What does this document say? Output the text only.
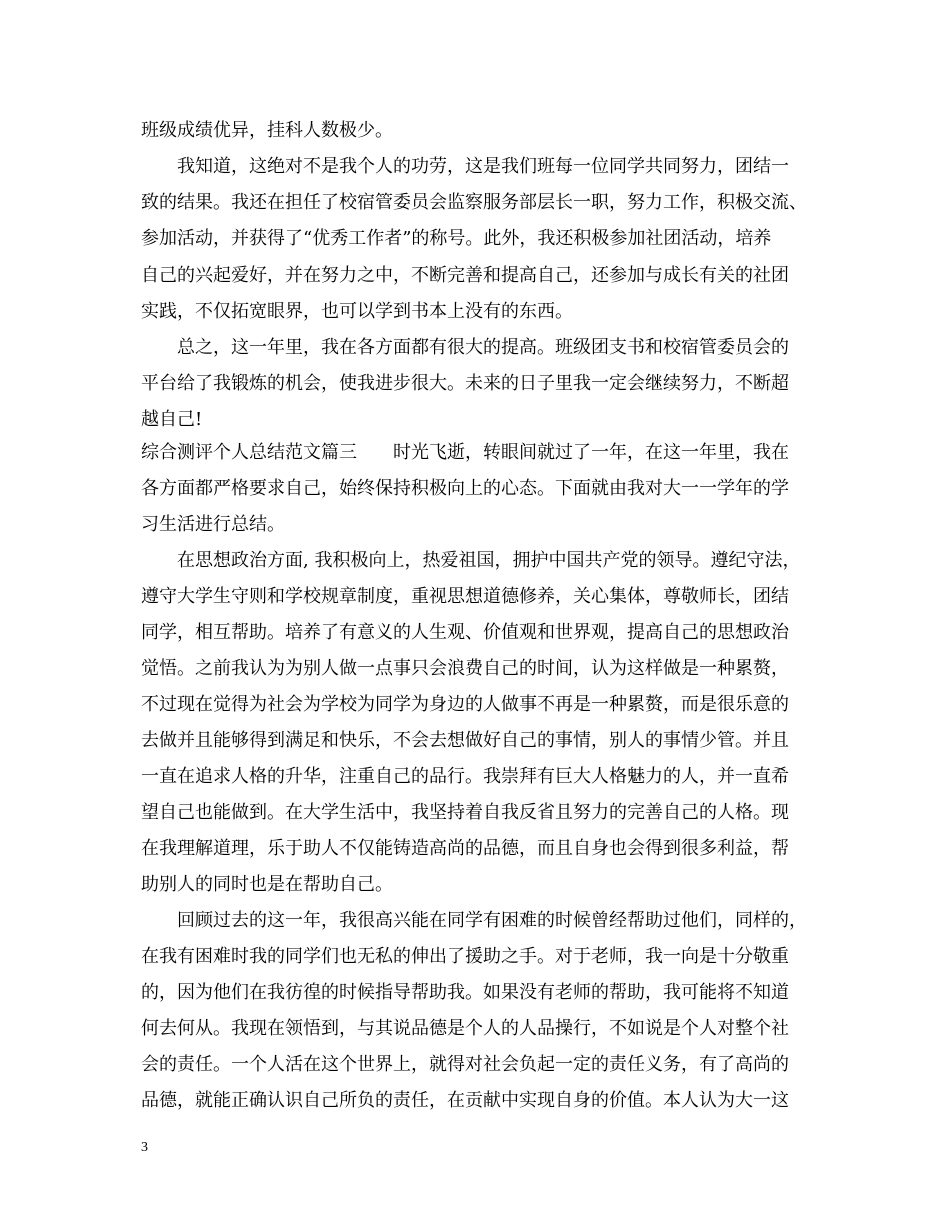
班级成绩优异，挂科人数极少。
我知道，这绝对不是我个人的功劳，这是我们班每一位同学共同努力，团结一
致的结果。我还在担任了校宿管委员会监察服务部层长一职，努力工作，积极交流、
参加活动，并获得了“优秀工作者”的称号。此外，我还积极参加社团活动，培养
自己的兴起爱好，并在努力之中，不断完善和提高自己，还参加与成长有关的社团
实践，不仅拓宽眼界，也可以学到书本上没有的东西。
总之，这一年里，我在各方面都有很大的提高。班级团支书和校宿管委员会的
平台给了我锻炼的机会，使我进步很大。未来的日子里我一定会继续努力，不断超
越自己!
综合测评个人总结范文篇三　　时光飞逝，转眼间就过了一年，在这一年里，我在
各方面都严格要求自己，始终保持积极向上的心态。下面就由我对大一一学年的学
习生活进行总结。
在思想政治方面, 我积极向上，热爱祖国，拥护中国共产党的领导。遵纪守法，
遵守大学生守则和学校规章制度，重视思想道德修养，关心集体，尊敬师长，团结
同学，相互帮助。培养了有意义的人生观、价值观和世界观，提高自己的思想政治
觉悟。之前我认为为别人做一点事只会浪费自己的时间，认为这样做是一种累赘，
不过现在觉得为社会为学校为同学为身边的人做事不再是一种累赘，而是很乐意的
去做并且能够得到满足和快乐，不会去想做好自己的事情，别人的事情少管。并且
一直在追求人格的升华，注重自己的品行。我崇拜有巨大人格魅力的人，并一直希
望自己也能做到。在大学生活中，我坚持着自我反省且努力的完善自己的人格。现
在我理解道理，乐于助人不仅能铸造高尚的品德，而且自身也会得到很多利益，帮
助别人的同时也是在帮助自己。
回顾过去的这一年，我很高兴能在同学有困难的时候曾经帮助过他们，同样的，
在我有困难时我的同学们也无私的伸出了援助之手。对于老师，我一向是十分敬重
的，因为他们在我彷徨的时候指导帮助我。如果没有老师的帮助，我可能将不知道
何去何从。我现在领悟到，与其说品德是个人的人品操行，不如说是个人对整个社
会的责任。一个人活在这个世界上，就得对社会负起一定的责任义务，有了高尚的
品德，就能正确认识自己所负的责任，在贡献中实现自身的价值。本人认为大一这
3
